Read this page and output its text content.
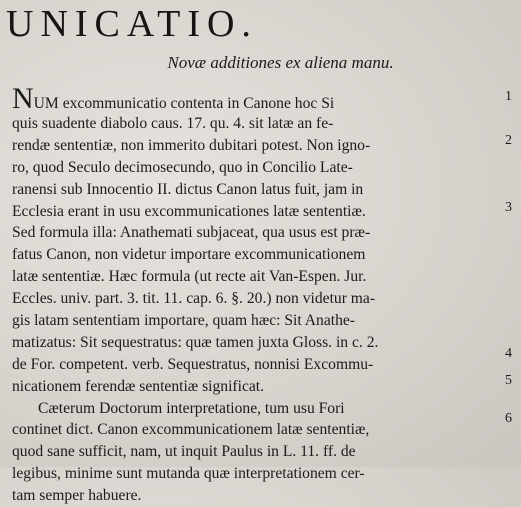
UNICATIO.
Novæ additiones ex aliena manu.
NUM excommunicatio contenta in Canone hoc Si
quis suadente diabolo caus. 17. qu. 4. sit latæ an fe-
rendæ sententiæ, non immerito dubitari potest. Non igno-
ro, quod Seculo decimosecundo, quo in Concilio Late-
ranensi sub Innocentio II. dictus Canon latus fuit, jam in
Ecclesia erant in usu excommunicationes latæ sententiæ.
Sed formula illa: Anathemati subjaceat, qua usus est præ-
fatus Canon, non videtur importare excommunicationem
latæ sententiæ. Hæc formula (ut recte ait Van-Espen. Jur.
Eccles. univ. part. 3. tit. 11. cap. 6. §. 20.) non videtur ma-
gis latam sententiam importare, quam hæc: Sit Anathe-
matizatus: Sit sequestratus: quæ tamen juxta Gloss. in c. 2.
de For. competent. verb. Sequestratus, nonnisi Excommu-
nicationem ferendæ sententiæ significat.
Cæterum Doctorum interpretatione, tum usu Fori
continet dict. Canon excommunicationem latæ sententiæ,
quod sane sufficit, nam, ut inquit Paulus in L. 11. ff. de
legibus, minime sunt mutanda quæ interpretationem cer-
tam semper habuere.
1
2
3
4
5
6
